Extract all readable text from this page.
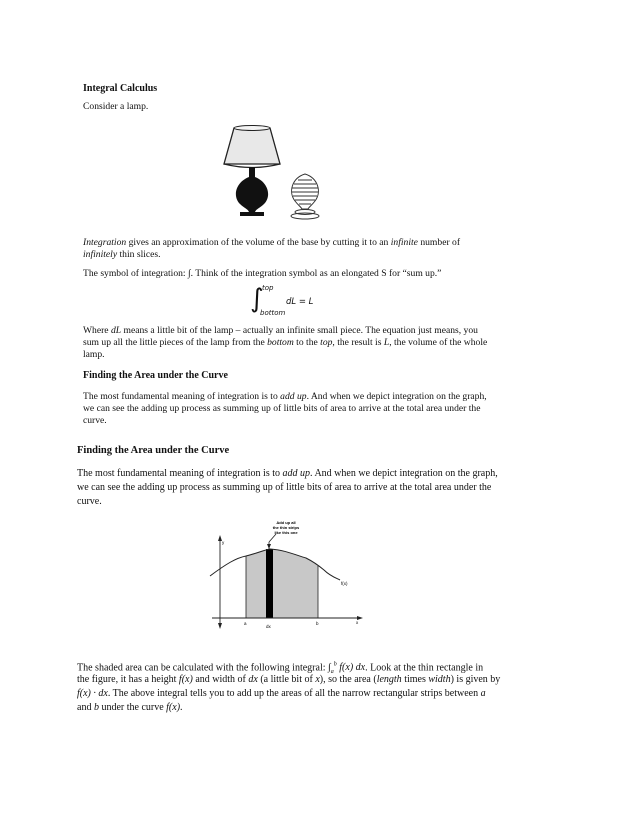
Integral Calculus

Consider a lamp.

Integration gives an approximation of the volume of the base by cutting it to an infinite number of

infinitely thin slices.

The symbol of integration: ∫. Think of the integration symbol as an elongated S for “sum up.”

∫
top
bottom
dL = L

Where dL means a little bit of the lamp – actually an infinite small piece. The equation just means, you

sum up all the little pieces of the lamp from the bottom to the top, the result is L, the volume of the whole

lamp.

Finding the Area under the Curve

The most fundamental meaning of integration is to add up. And when we depict integration on the graph,

we can see the adding up process as summing up of little bits of area to arrive at the total area under the

curve.

Finding the Area under the Curve

The most fundamental meaning of integration is to add up. And when we depict integration on the graph,

we can see the adding up process as summing up of little bits of area to arrive at the total area under the

curve.

Add up all
the thin strips
like this one
y
x
a
dx
b
f(x)

The shaded area can be calculated with the following integral: $\int_a^b$ f(x) dx. Look at the thin rectangle in

the figure, it has a height f(x) and width of dx (a little bit of x), so the area (length times width) is given by

f(x) · dx. The above integral tells you to add up the areas of all the narrow rectangular strips between a

and b under the curve f(x).
